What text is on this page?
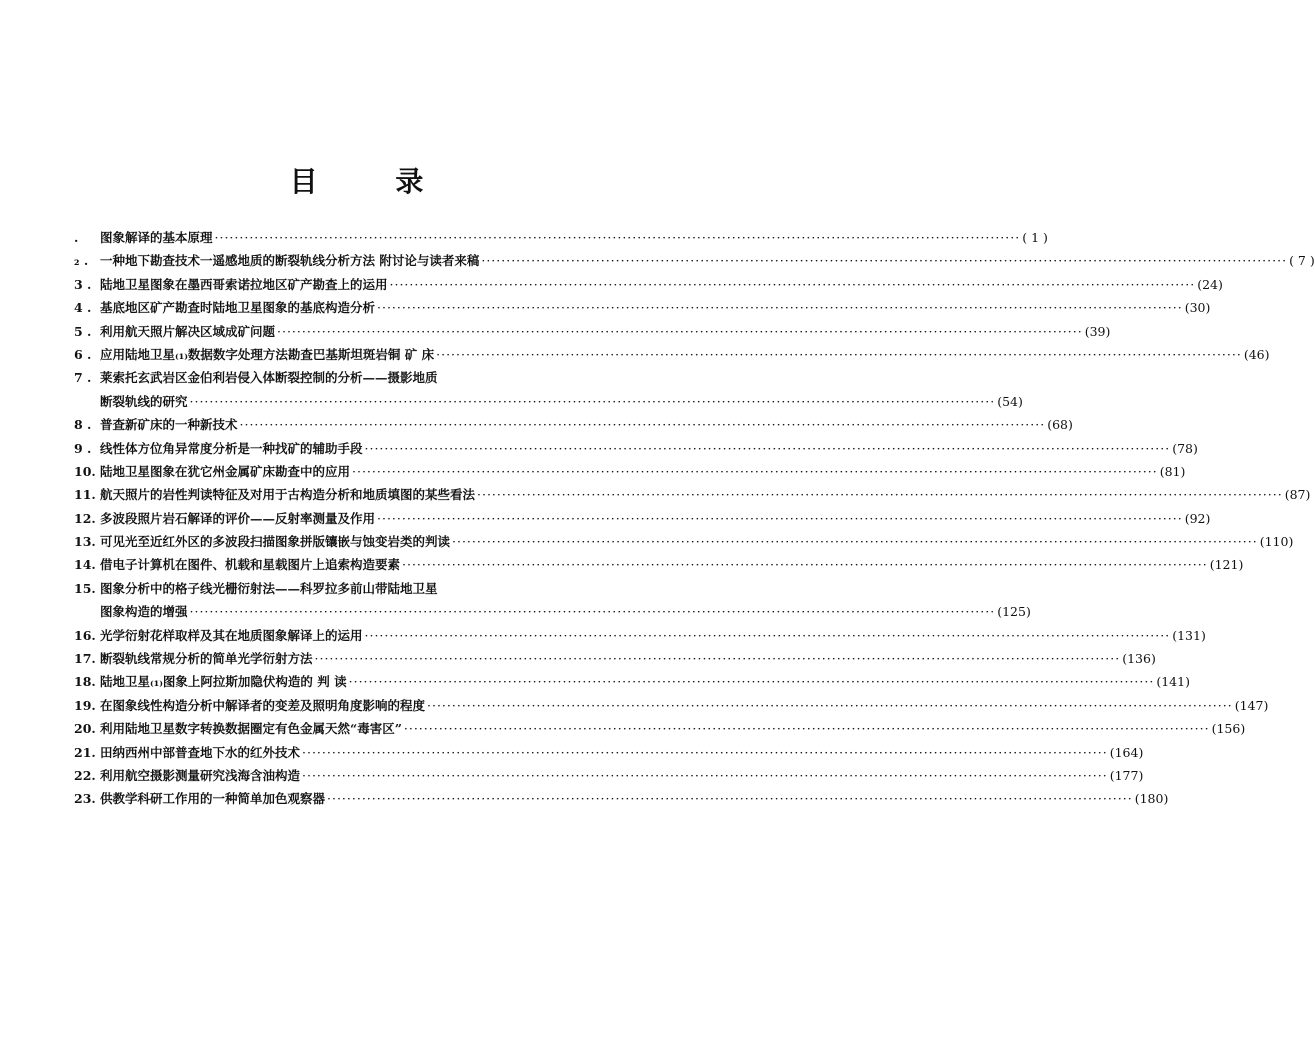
目 录
.	图象解译的基本原理 ·····	( 1 )
₂ . 一种地下勘查技术一遥感地质的断裂轨线分析方法 附讨论与读者来稿 ·····	( 7 )
3 . 陆地卫星图象在墨西哥索诺拉地区矿产勘查上的运用 ·····	(24)
4 . 基底地区矿产勘查时陆地卫星图象的基底构造分析 ·····	(30)
5 . 利用航天照片解决区域成矿问题 ·····	(39)
6 . 应用陆地卫星₍₁₎数据数字处理方法勘查巴基斯坦斑岩铜 矿 床 ·····	(46)
7 . 莱索托玄武岩区金伯利岩侵入体断裂控制的分析——摄影地质
断裂轨线的研究 ·····	(54)
8 . 普查新矿床的一种新技术 ·····	(68)
9 . 线性体方位角异常度分析是一种找矿的辅助手段 ·····	(78)
10. 陆地卫星图象在犹它州金属矿床勘查中的应用 ·····	(81)
11. 航天照片的岩性判读特征及对用于古构造分析和地质填图的某些看法 ·····	(87)
12. 多波段照片岩石解译的评价——反射率测量及作用 ·····	(92)
13. 可见光至近红外区的多波段扫描图象拼版镶嵌与蚀变岩类的判读 ·····	(110)
14. 借电子计算机在图件、机载和星载图片上追索构造要素 ·····	(121)
15. 图象分析中的格子线光栅衍射法——科罗拉多前山带陆地卫星
图象构造的增强 ·····	(125)
16. 光学衍射花样取样及其在地质图象解译上的运用 ·····	(131)
17. 断裂轨线常规分析的简单光学衍射方法 ·····	(136)
18. 陆地卫星₍₁₎图象上阿拉斯加隐伏构造的 判 读 ·····	(141)
19. 在图象线性构造分析中解译者的变差及照明角度影响的程度 ·····	(147)
20. 利用陆地卫星数字转换数据圈定有色金属天然“毒害区” ·····	(156)
21. 田纳西州中部普查地下水的红外技术 ·····	(164)
22. 利用航空摄影测量研究浅海含油构造 ·····	(177)
23. 供教学科研工作用的一种简单加色观察器 ·····	(180)
